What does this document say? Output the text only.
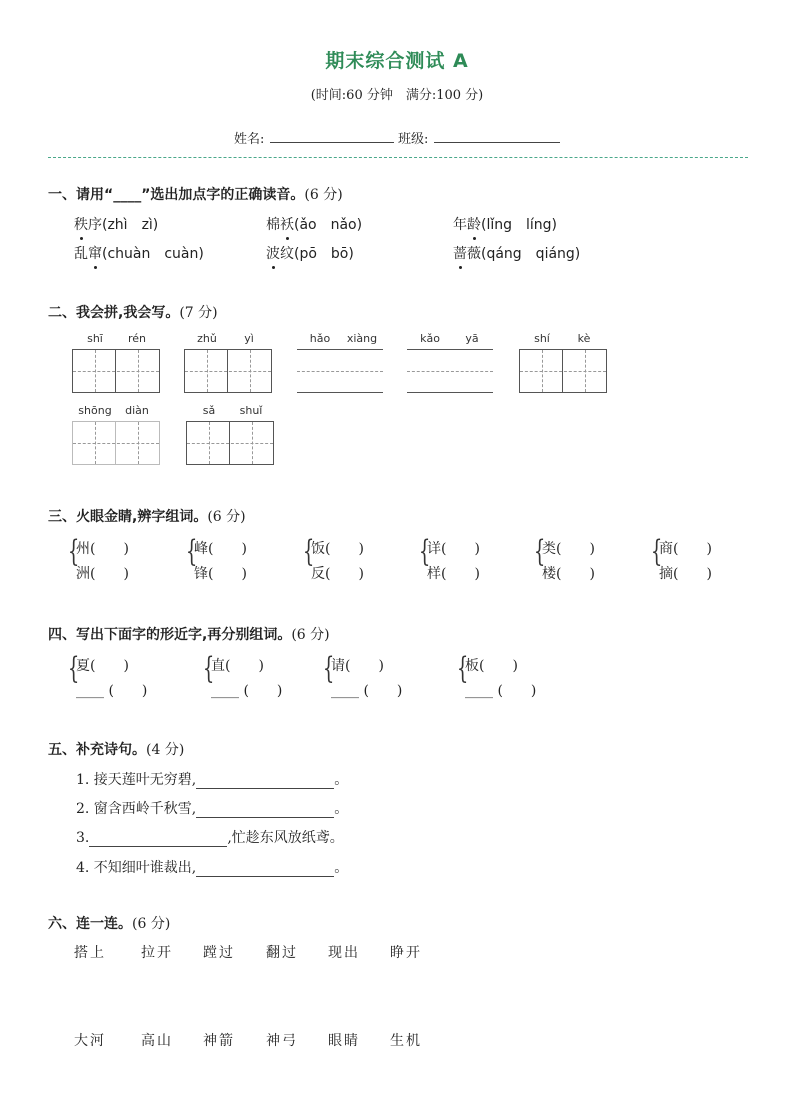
期末综合测试 A
(时间:60 分钟　满分:100 分)
姓名:	班级:
一、请用“____”选出加点字的正确读音。(6 分)
秩序(zhì　zì)	棉袄(ǎo　nǎo)	年龄(lǐng　líng)
乱窜(chuàn　cuàn)	波纹(pō　bō)	蔷薇(qáng　qiáng)
二、我会拼,我会写。(7 分)
shī	rén	zhǔ	yì	hǎo	xiàng	kǎo	yā	shí	kè
shōng	diàn	sǎ	shuǐ
三、火眼金睛,辨字组词。(6 分)
{
州(　　)
洲(　　)
{
峰(　　)
锋(　　)
{
饭(　　)
反(　　)
{
详(　　)
样(　　)
{
类(　　)
楼(　　)
{
商(　　)
摘(　　)
四、写出下面字的形近字,再分别组词。(6 分)
{
夏(　　)
____ (　　)
{
直(　　)
____ (　　)
{
请(　　)
____ (　　)
{
板(　　)
____ (　　)
五、补充诗句。(4 分)
1. 接天莲叶无穷碧,	。
2. 窗含西岭千秋雪,	。
3.	,忙趁东风放纸鸢。
4. 不知细叶谁裁出,	。
六、连一连。(6 分)
搭上	拉开 蹚过 翻过 现出 睁开
大河	高山 神箭 神弓 眼睛 生机
